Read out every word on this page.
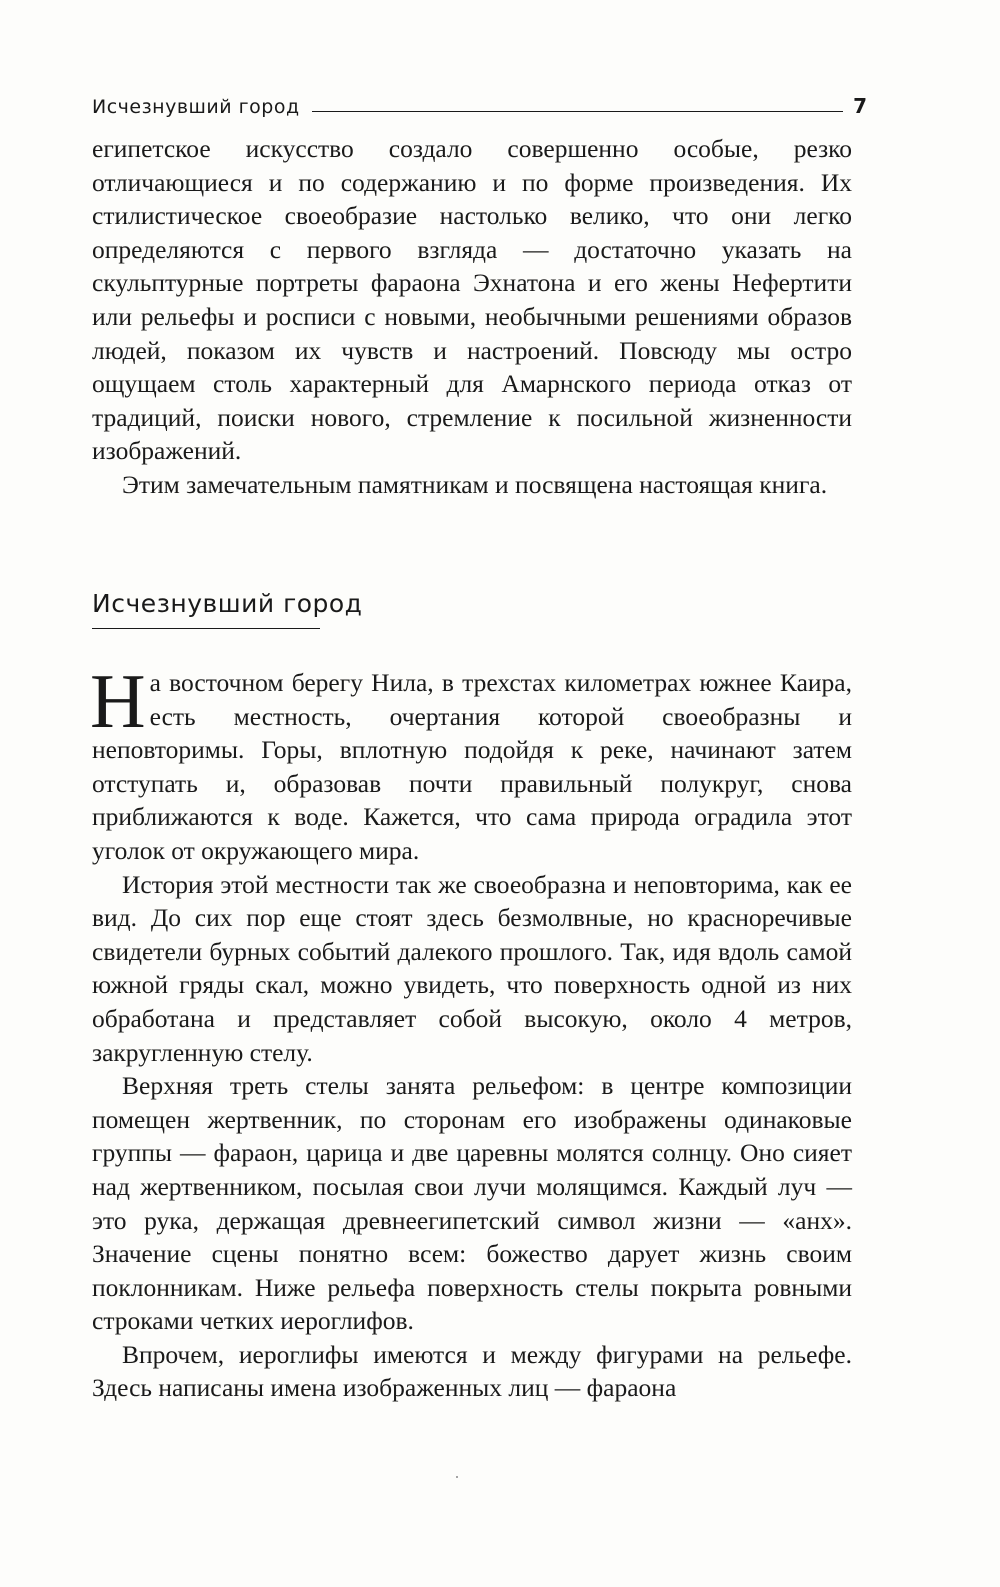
Исчезнувший город	7

египетское искусство создало совершенно особые, резко отличающиеся и по содержанию и по форме произведения. Их стилистическое своеобразие настолько велико, что они легко определяются с первого взгляда — достаточно указать на скульптурные портреты фараона Эхнатона и его жены Нефертити или рельефы и росписи с новыми, необычными решениями образов людей, показом их чувств и настроений. Повсюду мы остро ощущаем столь характерный для Амарнского периода отказ от традиций, поиски нового, стремление к посильной жизненности изображений.

Этим замечательным памятникам и посвящена настоящая книга.

Исчезнувший город

На восточном берегу Нила, в трехстах километрах южнее Каира, есть местность, очертания которой своеобразны и неповторимы. Горы, вплотную подойдя к реке, начинают затем отступать и, образовав почти правильный полукруг, снова приближаются к воде. Кажется, что сама природа оградила этот уголок от окружающего мира.

История этой местности так же своеобразна и неповторима, как ее вид. До сих пор еще стоят здесь безмолвные, но красноречивые свидетели бурных событий далекого прошлого. Так, идя вдоль самой южной гряды скал, можно увидеть, что поверхность одной из них обработана и представляет собой высокую, около 4 метров, закругленную стелу.

Верхняя треть стелы занята рельефом: в центре композиции помещен жертвенник, по сторонам его изображены одинаковые группы — фараон, царица и две царевны молятся солнцу. Оно сияет над жертвенником, посылая свои лучи молящимся. Каждый луч — это рука, держащая древнеегипетский символ жизни — «анх». Значение сцены понятно всем: божество дарует жизнь своим поклонникам. Ниже рельефа поверхность стелы покрыта ровными строками четких иероглифов.

Впрочем, иероглифы имеются и между фигурами на рельефе. Здесь написаны имена изображенных лиц — фараона
